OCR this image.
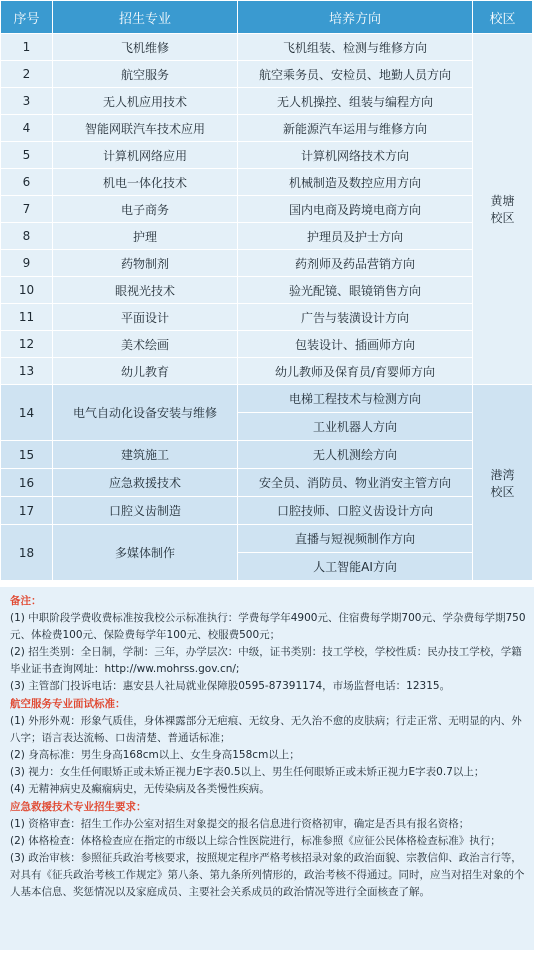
序号	招生专业	培养方向	校区
1	飞机维修	飞机组装、检测与维修方向	黄塘
校区
2	航空服务	航空乘务员、安检员、地勤人员方向	
3	无人机应用技术	无人机操控、组装与编程方向	
4	智能网联汽车技术应用	新能源汽车运用与维修方向	
5	计算机网络应用	计算机网络技术方向	
6	机电一体化技术	机械制造及数控应用方向	
7	电子商务	国内电商及跨境电商方向	
8	护理	护理员及护士方向	
9	药物制剂	药剂师及药品营销方向	
10	眼视光技术	验光配镜、眼镜销售方向	
11	平面设计	广告与装潢设计方向	
12	美术绘画	包装设计、插画师方向	
13	幼儿教育	幼儿教师及保育员/育婴师方向	
14	电气自动化设备安装与维修	电梯工程技术与检测方向	港湾
校区
		工业机器人方向	
15	建筑施工	无人机测绘方向	
16	应急救援技术	安全员、消防员、物业消安主管方向	
17	口腔义齿制造	口腔技师、口腔义齿设计方向	
18	多媒体制作	直播与短视频制作方向	
		人工智能AI方向	

备注：

(1) 中职阶段学费收费标准按我校公示标准执行：学费每学年4900元、住宿费每学期700元、学杂费每学期750元、体检费100元、保险费每学年100元、校服费500元；

(2) 招生类别：全日制，学制：三年，办学层次：中级，证书类别：技工学校，学校性质：民办技工学校，学籍毕业证书查询网址：http://ww.mohrss.gov.cn/;

(3) 主管部门投诉电话：惠安县人社局就业保障股0595-87391174，市场监督电话：12315。

航空服务专业面试标准：

(1) 外形外观：形象气质佳，身体裸露部分无疤痕、无纹身、无久治不愈的皮肤病；行走正常、无明显的内、外八字；语言表达流畅、口齿清楚、普通话标准；

(2) 身高标准：男生身高168cm以上、女生身高158cm以上；

(3) 视力：女生任何眼矫正或未矫正视力E字表0.5以上、男生任何眼矫正或未矫正视力E字表0.7以上；

(4) 无精神病史及癫痫病史，无传染病及各类慢性疾病。

应急救援技术专业招生要求：

(1) 资格审查：招生工作办公室对招生对象提交的报名信息进行资格初审，确定是否具有报名资格；

(2) 体格检查：体格检查应在指定的市级以上综合性医院进行，标准参照《应征公民体格检查标准》执行；

(3) 政治审核：参照征兵政治考核要求，按照规定程序严格考核招录对象的政治面貌、宗教信仰、政治言行等，对具有《征兵政治考核工作规定》第八条、第九条所列情形的，政治考核不得通过。同时，应当对招生对象的个人基本信息、奖惩情况以及家庭成员、主要社会关系成员的政治情况等进行全面核查了解。
